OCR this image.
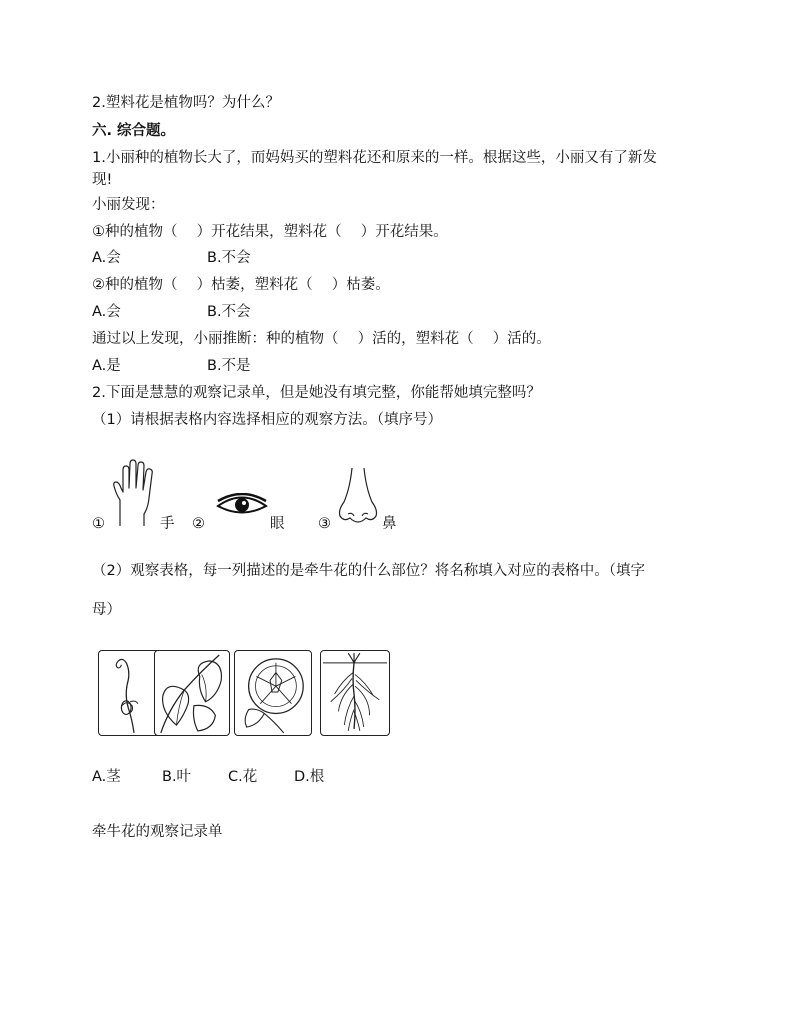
2.塑料花是植物吗？为什么？
六. 综合题。
1.小丽种的植物长大了，而妈妈买的塑料花还和原来的一样。根据这些，小丽又有了新发
现!
小丽发现：
①种的植物（　 ）开花结果，塑料花（　 ）开花结果。
A.会	B.不会
②种的植物（　 ）枯萎，塑料花（　 ）枯萎。
A.会	B.不会
通过以上发现，小丽推断：种的植物（　 ）活的，塑料花（　 ）活的。
A.是	B.不是
2.下面是慧慧的观察记录单，但是她没有填完整，你能帮她填完整吗？
（1）请根据表格内容选择相应的观察方法。（填序号）
①	手 ②	眼 ③	鼻
（2）观察表格，每一列描述的是牵牛花的什么部位？将名称填入对应的表格中。（填字
母）
A.茎	B.叶	C.花	D.根
牵牛花的观察记录单
